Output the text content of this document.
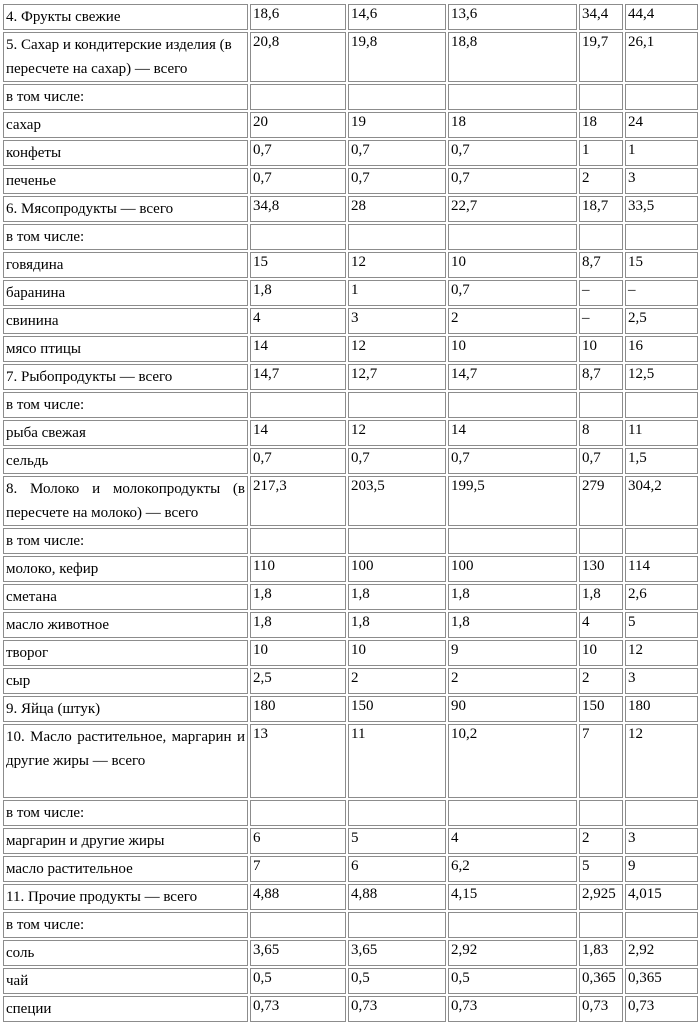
4. Фрукты свежие	18,6	14,6	13,6	34,4	44,4
5. Сахар и кондитерские изделия (в пересчете на сахар) — всего	20,8	19,8	18,8	19,7	26,1
в том числе:					
сахар	20	19	18	18	24
конфеты	0,7	0,7	0,7	1	1
печенье	0,7	0,7	0,7	2	3
6. Мясопродукты — всего	34,8	28	22,7	18,7	33,5
в том числе:					
говядина	15	12	10	8,7	15
баранина	1,8	1	0,7	–	–
свинина	4	3	2	–	2,5
мясо птицы	14	12	10	10	16
7. Рыбопродукты — всего	14,7	12,7	14,7	8,7	12,5
в том числе:					
рыба свежая	14	12	14	8	11
сельдь	0,7	0,7	0,7	0,7	1,5
8. Молоко и молокопродукты (в пересчете на молоко) — всего	217,3	203,5	199,5	279	304,2
в том числе:					
молоко, кефир	110	100	100	130	114
сметана	1,8	1,8	1,8	1,8	2,6
масло животное	1,8	1,8	1,8	4	5
творог	10	10	9	10	12
сыр	2,5	2	2	2	3
9. Яйца (штук)	180	150	90	150	180
10. Масло растительное, маргарин и другие жиры — всего	13	11	10,2	7	12
в том числе:					
маргарин и другие жиры	6	5	4	2	3
масло растительное	7	6	6,2	5	9
11. Прочие продукты — всего	4,88	4,88	4,15	2,925	4,015
в том числе:					
соль	3,65	3,65	2,92	1,83	2,92
чай	0,5	0,5	0,5	0,365	0,365
специи	0,73	0,73	0,73	0,73	0,73
